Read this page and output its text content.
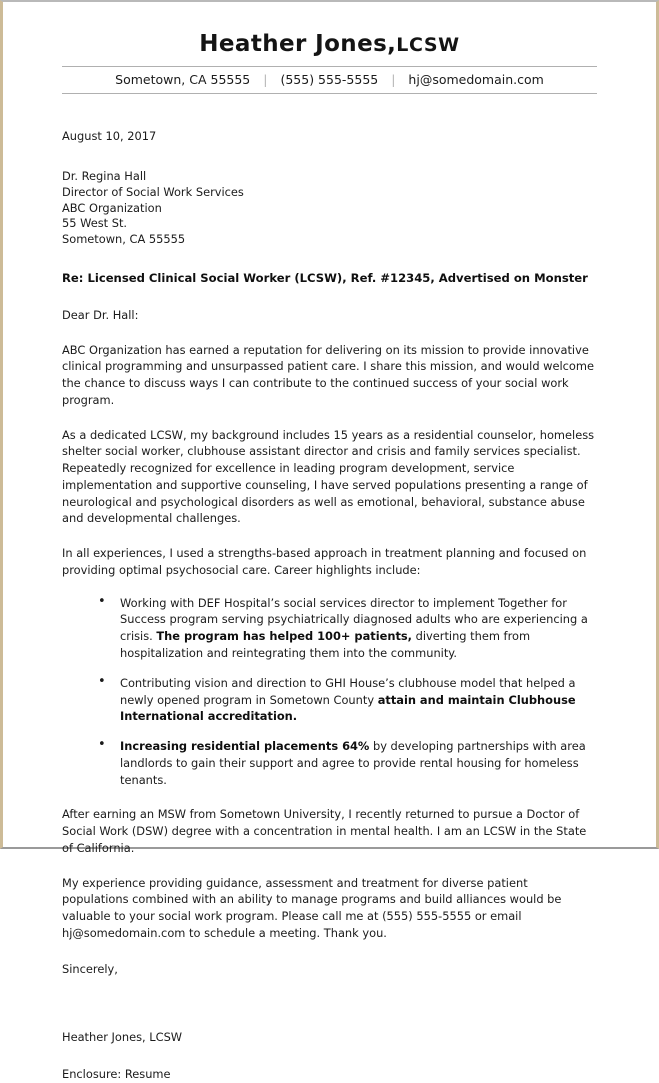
Heather Jones,LCSW
Sometown, CA 55555 | (555) 555-5555 | hj@somedomain.com
August 10, 2017
Dr. Regina Hall
Director of Social Work Services
ABC Organization
55 West St.
Sometown, CA 55555
Re: Licensed Clinical Social Worker (LCSW), Ref. #12345, Advertised on Monster
Dear Dr. Hall:
ABC Organization has earned a reputation for delivering on its mission to provide innovative clinical programming and unsurpassed patient care. I share this mission, and would welcome the chance to discuss ways I can contribute to the continued success of your social work program.
As a dedicated LCSW, my background includes 15 years as a residential counselor, homeless shelter social worker, clubhouse assistant director and crisis and family services specialist. Repeatedly recognized for excellence in leading program development, service implementation and supportive counseling, I have served populations presenting a range of neurological and psychological disorders as well as emotional, behavioral, substance abuse and developmental challenges.
In all experiences, I used a strengths-based approach in treatment planning and focused on providing optimal psychosocial care. Career highlights include:
• Working with DEF Hospital’s social services director to implement Together for Success program serving psychiatrically diagnosed adults who are experiencing a crisis. The program has helped 100+ patients, diverting them from hospitalization and reintegrating them into the community.
• Contributing vision and direction to GHI House’s clubhouse model that helped a newly opened program in Sometown County attain and maintain Clubhouse International accreditation.
• Increasing residential placements 64% by developing partnerships with area landlords to gain their support and agree to provide rental housing for homeless tenants.
After earning an MSW from Sometown University, I recently returned to pursue a Doctor of Social Work (DSW) degree with a concentration in mental health. I am an LCSW in the State of California.
My experience providing guidance, assessment and treatment for diverse patient populations combined with an ability to manage programs and build alliances would be valuable to your social work program. Please call me at (555) 555-5555 or email hj@somedomain.com to schedule a meeting. Thank you.
Sincerely,
Heather Jones, LCSW
Enclosure: Resume
